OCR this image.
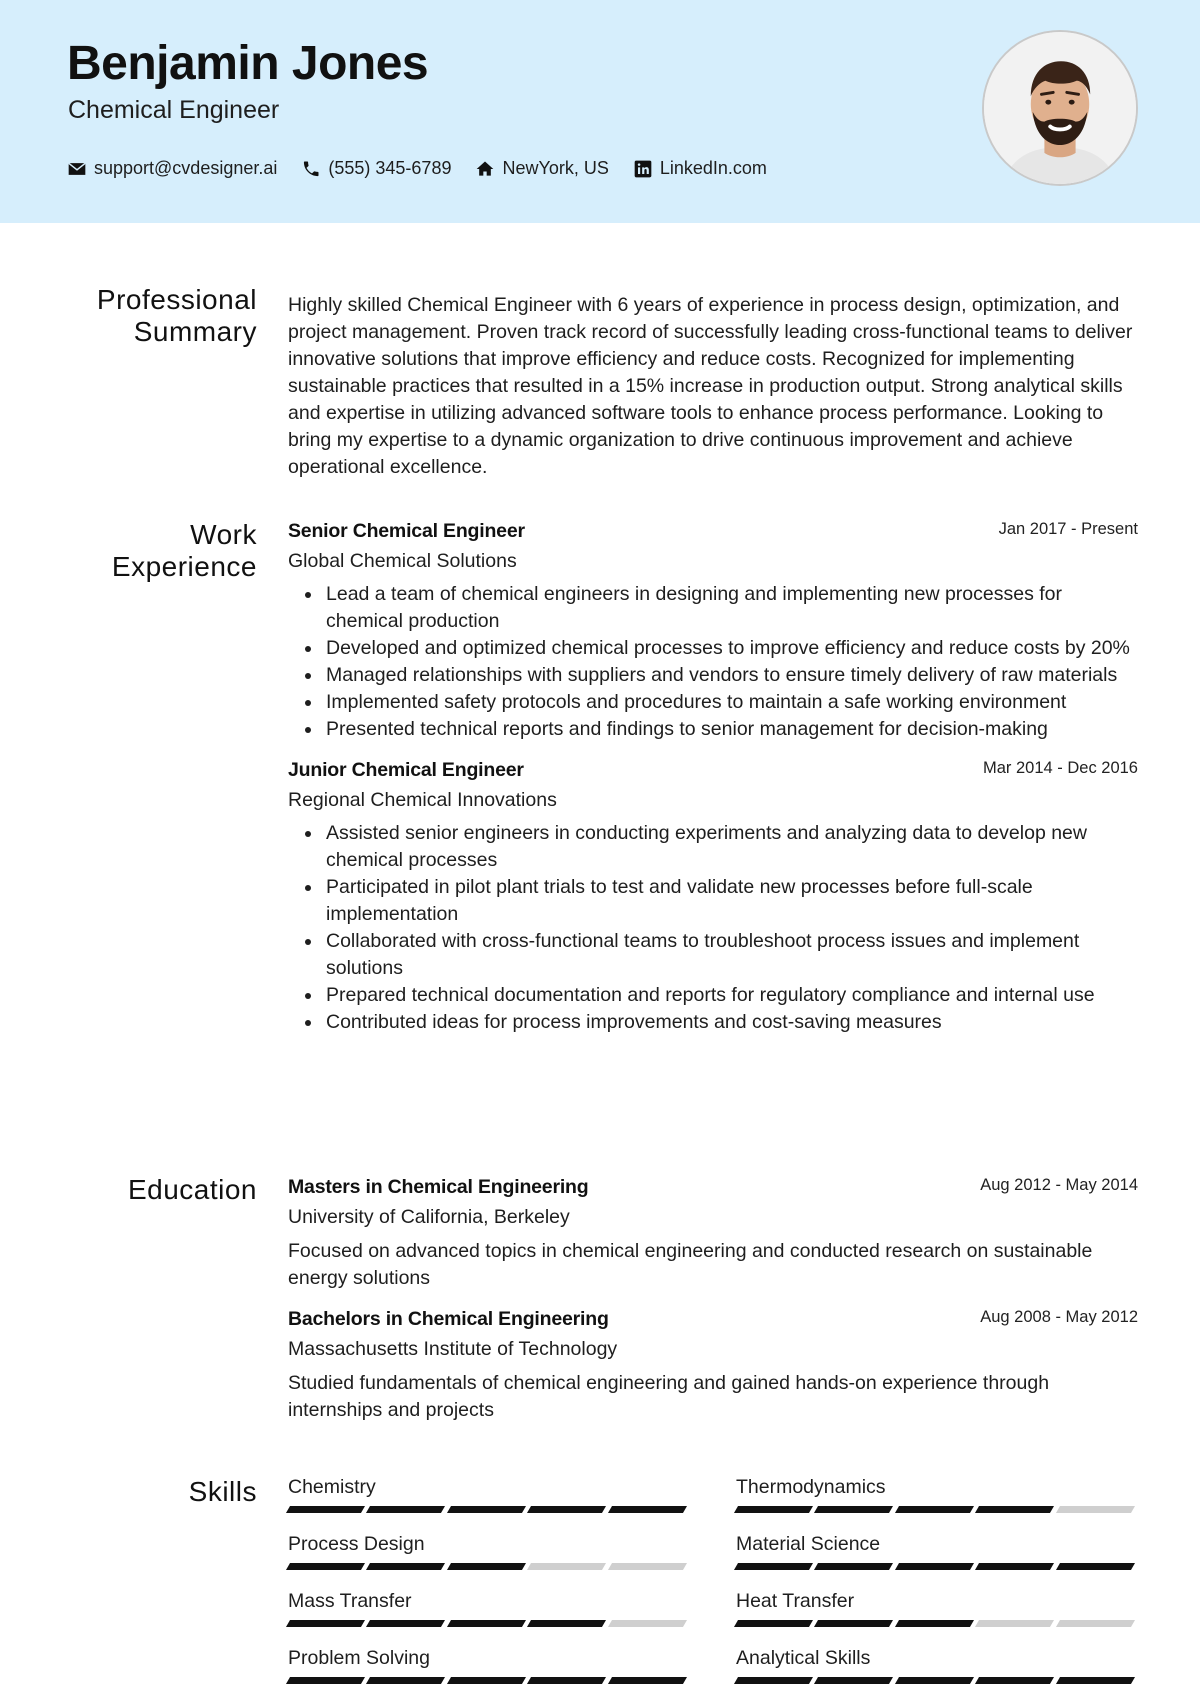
Benjamin Jones
Chemical Engineer
support@cvdesigner.ai	(555) 345-6789	NewYork, US	LinkedIn.com
Professional Summary

Highly skilled Chemical Engineer with 6 years of experience in process design, optimization, and project management. Proven track record of successfully leading cross-functional teams to deliver innovative solutions that improve efficiency and reduce costs. Recognized for implementing sustainable practices that resulted in a 15% increase in production output. Strong analytical skills and expertise in utilizing advanced software tools to enhance process performance. Looking to bring my expertise to a dynamic organization to drive continuous improvement and achieve operational excellence.

Work Experience
Senior Chemical Engineer	Jan 2017 - Present
Global Chemical Solutions
Lead a team of chemical engineers in designing and implementing new processes for chemical production
Developed and optimized chemical processes to improve efficiency and reduce costs by 20%
Managed relationships with suppliers and vendors to ensure timely delivery of raw materials
Implemented safety protocols and procedures to maintain a safe working environment
Presented technical reports and findings to senior management for decision-making
Junior Chemical Engineer	Mar 2014 - Dec 2016
Regional Chemical Innovations
Assisted senior engineers in conducting experiments and analyzing data to develop new chemical processes
Participated in pilot plant trials to test and validate new processes before full-scale implementation
Collaborated with cross-functional teams to troubleshoot process issues and implement solutions
Prepared technical documentation and reports for regulatory compliance and internal use
Contributed ideas for process improvements and cost-saving measures
Education Masters in Chemical Engineering	Aug 2012 - May 2014
University of California, Berkeley

Focused on advanced topics in chemical engineering and conducted research on sustainable energy solutions

Bachelors in Chemical Engineering	Aug 2008 - May 2012
Massachusetts Institute of Technology

Studied fundamentals of chemical engineering and gained hands-on experience through internships and projects

Skills Chemistry	Thermodynamics
Process Design	Material Science
Mass Transfer	Heat Transfer
Problem Solving	Analytical Skills
